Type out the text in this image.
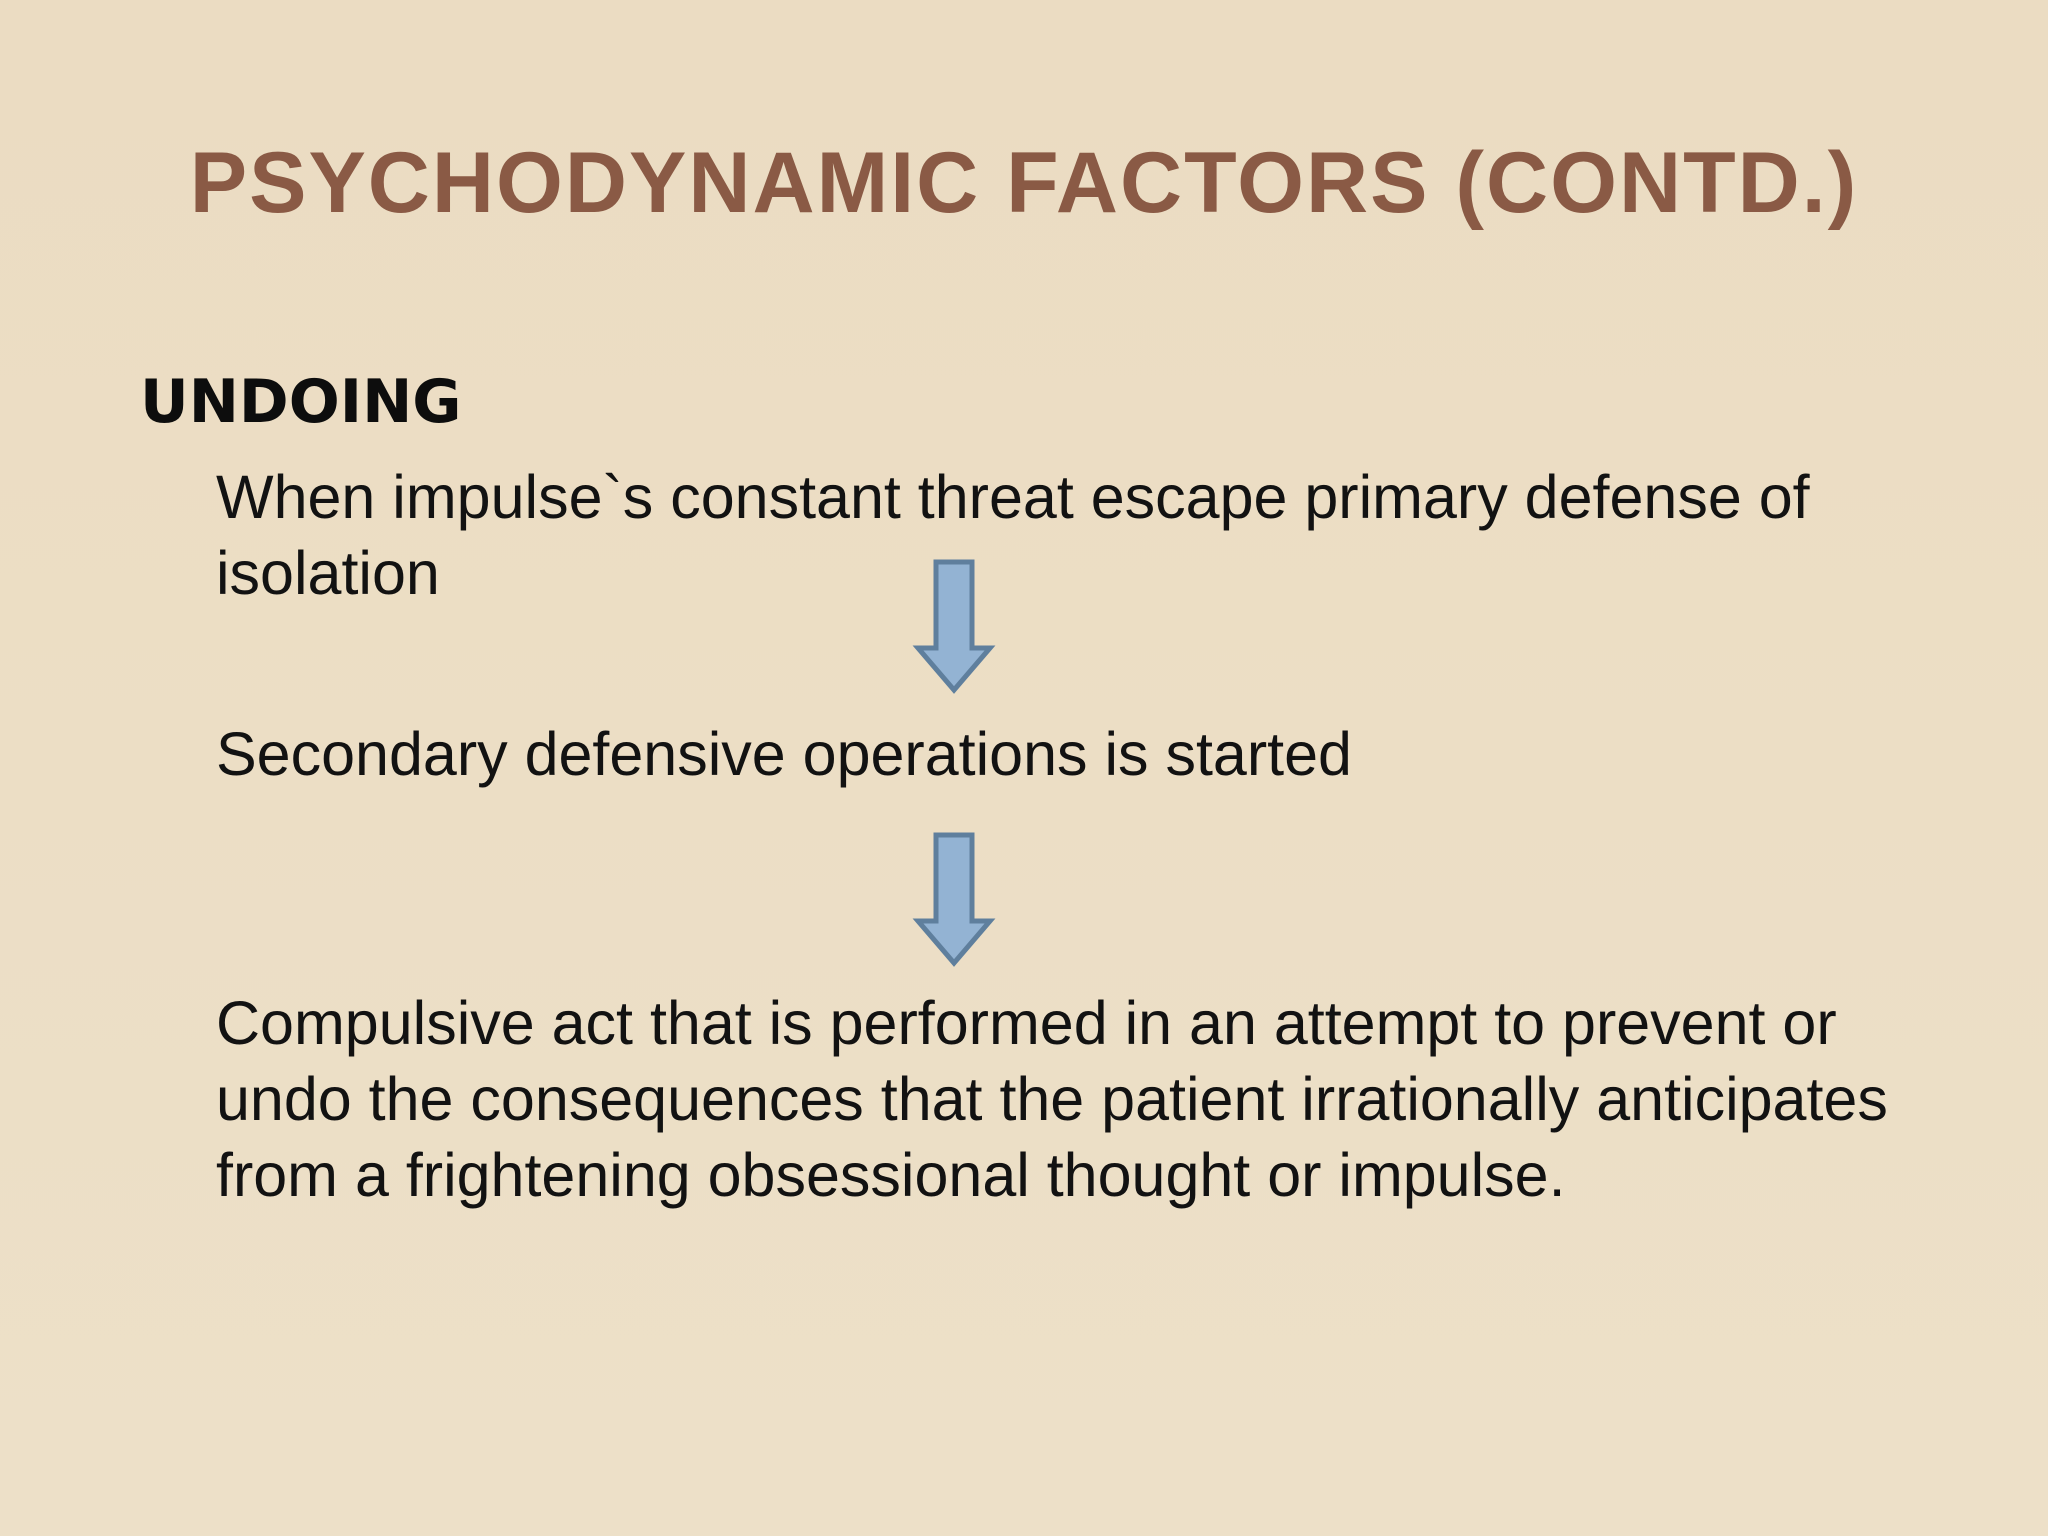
PSYCHODYNAMIC FACTORS (CONTD.)
UNDOING
When impulse`s constant threat escape primary defense of isolation
Secondary defensive operations is started
Compulsive act that is performed in an attempt to prevent or undo the consequences that the patient irrationally anticipates from a frightening obsessional thought or impulse.
